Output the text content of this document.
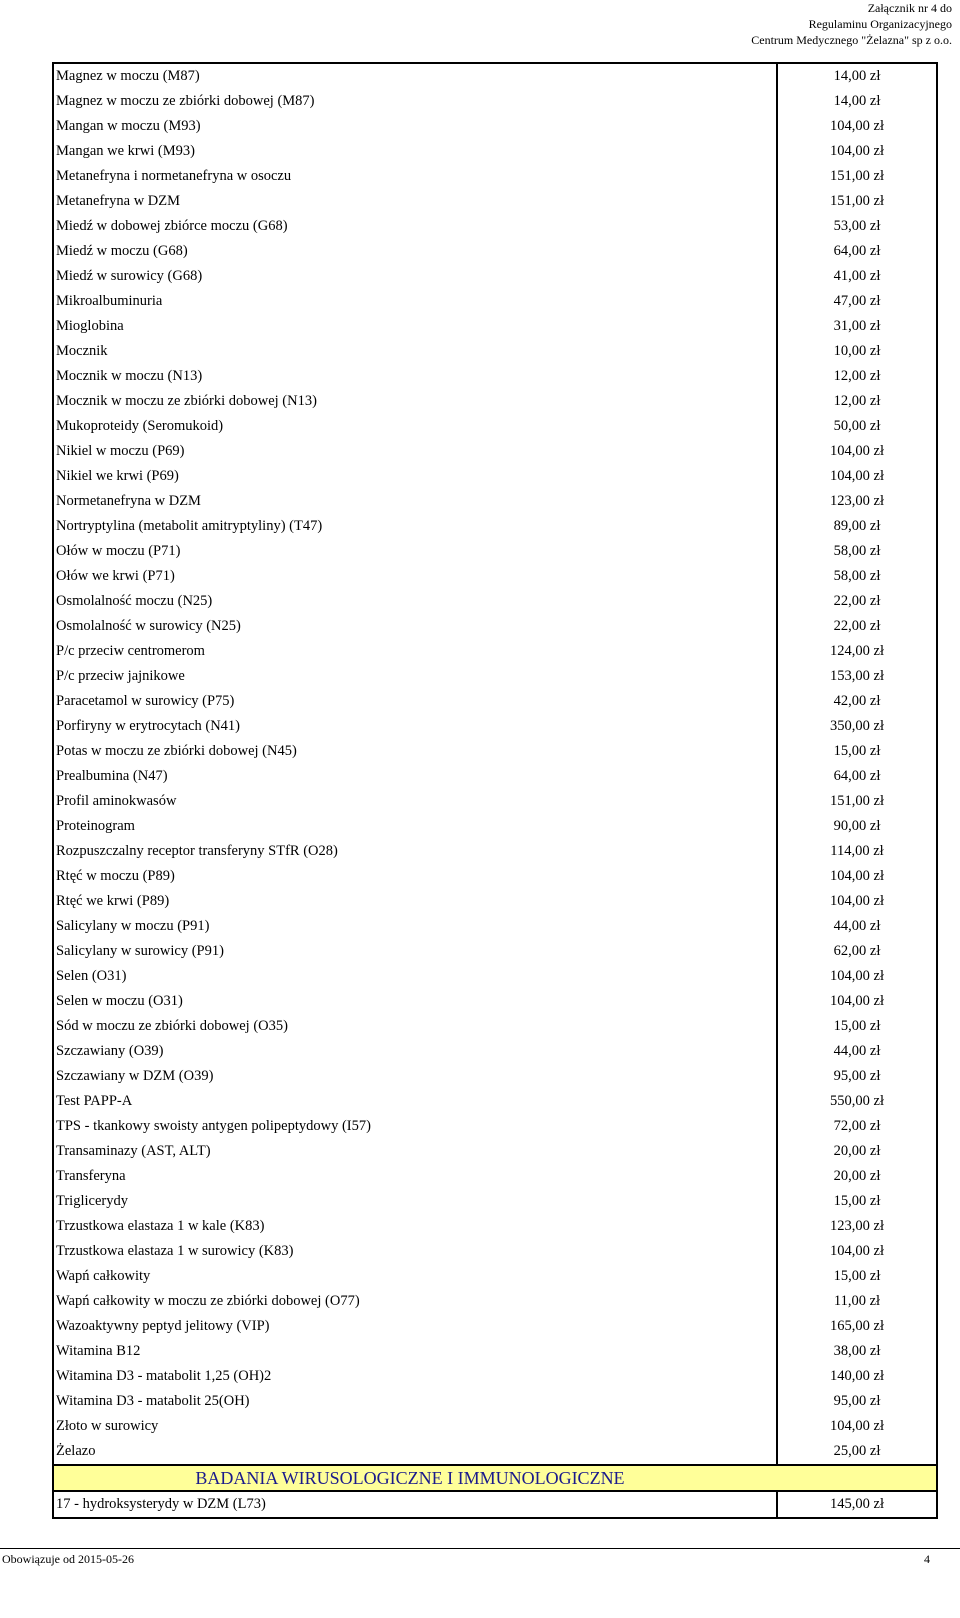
Załącznik nr 4 do
Regulaminu Organizacyjnego
Centrum Medycznego "Żelazna" sp z o.o.
Magnez w moczu (M87)	14,00 zł
Magnez w moczu ze zbiórki dobowej (M87)	14,00 zł
Mangan w moczu (M93)	104,00 zł
Mangan we krwi (M93)	104,00 zł
Metanefryna i normetanefryna w osoczu	151,00 zł
Metanefryna w DZM	151,00 zł
Miedź w dobowej zbiórce moczu (G68)	53,00 zł
Miedź w moczu (G68)	64,00 zł
Miedź w surowicy (G68)	41,00 zł
Mikroalbuminuria	47,00 zł
Mioglobina	31,00 zł
Mocznik	10,00 zł
Mocznik w moczu (N13)	12,00 zł
Mocznik w moczu ze zbiórki dobowej (N13)	12,00 zł
Mukoproteidy (Seromukoid)	50,00 zł
Nikiel w moczu (P69)	104,00 zł
Nikiel we krwi (P69)	104,00 zł
Normetanefryna w DZM	123,00 zł
Nortryptylina (metabolit amitryptyliny) (T47)	89,00 zł
Ołów w moczu (P71)	58,00 zł
Ołów we krwi (P71)	58,00 zł
Osmolalność moczu (N25)	22,00 zł
Osmolalność w surowicy (N25)	22,00 zł
P/c przeciw centromerom	124,00 zł
P/c przeciw jajnikowe	153,00 zł
Paracetamol w surowicy (P75)	42,00 zł
Porfiryny w erytrocytach (N41)	350,00 zł
Potas w moczu ze zbiórki dobowej (N45)	15,00 zł
Prealbumina (N47)	64,00 zł
Profil aminokwasów	151,00 zł
Proteinogram	90,00 zł
Rozpuszczalny receptor transferyny STfR (O28)	114,00 zł
Rtęć w moczu (P89)	104,00 zł
Rtęć we krwi (P89)	104,00 zł
Salicylany w moczu (P91)	44,00 zł
Salicylany w surowicy (P91)	62,00 zł
Selen (O31)	104,00 zł
Selen w moczu (O31)	104,00 zł
Sód w moczu ze zbiórki dobowej (O35)	15,00 zł
Szczawiany (O39)	44,00 zł
Szczawiany w DZM (O39)	95,00 zł
Test PAPP-A	550,00 zł
TPS - tkankowy swoisty antygen polipeptydowy (I57)	72,00 zł
Transaminazy (AST, ALT)	20,00 zł
Transferyna	20,00 zł
Triglicerydy	15,00 zł
Trzustkowa elastaza 1 w kale (K83)	123,00 zł
Trzustkowa elastaza 1 w surowicy (K83)	104,00 zł
Wapń całkowity	15,00 zł
Wapń całkowity w moczu ze zbiórki dobowej (O77)	11,00 zł
Wazoaktywny peptyd jelitowy (VIP)	165,00 zł
Witamina B12	38,00 zł
Witamina D3 - matabolit 1,25 (OH)2	140,00 zł
Witamina D3 - matabolit 25(OH)	95,00 zł
Złoto w surowicy	104,00 zł
Żelazo	25,00 zł
BADANIA WIRUSOLOGICZNE I IMMUNOLOGICZNE	
17 - hydroksysterydy w DZM (L73)	145,00 zł
Obowiązuje od 2015-05-26	4
